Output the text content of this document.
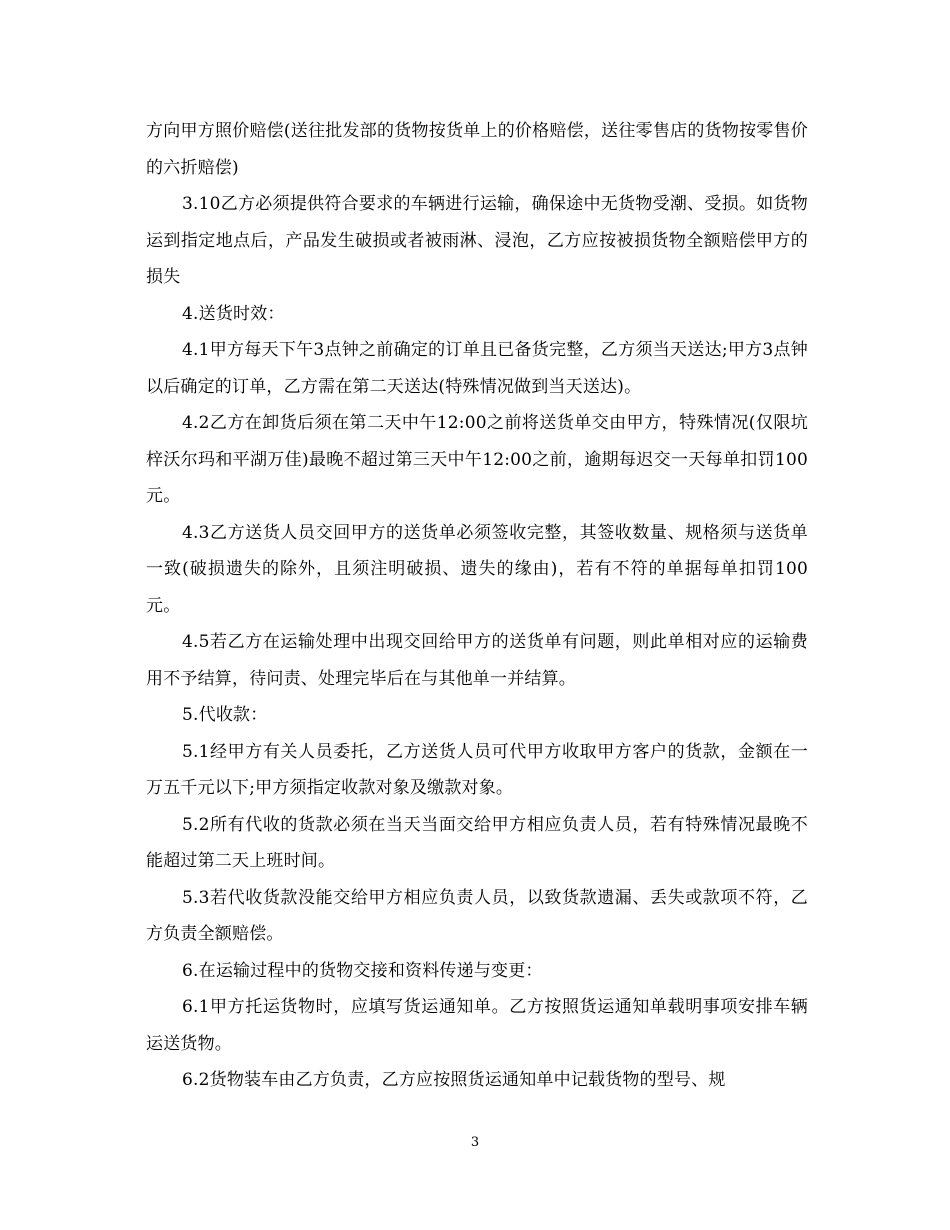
方向甲方照价赔偿(送往批发部的货物按货单上的价格赔偿，送往零售店的货物按零售价的六折赔偿)

3.10乙方必须提供符合要求的车辆进行运输，确保途中无货物受潮、受损。如货物运到指定地点后，产品发生破损或者被雨淋、浸泡，乙方应按被损货物全额赔偿甲方的损失

4.送货时效：

4.1甲方每天下午3点钟之前确定的订单且已备货完整，乙方须当天送达;甲方3点钟以后确定的订单，乙方需在第二天送达(特殊情况做到当天送达)。

4.2乙方在卸货后须在第二天中午12:00之前将送货单交由甲方，特殊情况(仅限坑梓沃尔玛和平湖万佳)最晚不超过第三天中午12:00之前，逾期每迟交一天每单扣罚100元。

4.3乙方送货人员交回甲方的送货单必须签收完整，其签收数量、规格须与送货单一致(破损遗失的除外，且须注明破损、遗失的缘由)，若有不符的单据每单扣罚100元。

4.5若乙方在运输处理中出现交回给甲方的送货单有问题，则此单相对应的运输费用不予结算，待问责、处理完毕后在与其他单一并结算。

5.代收款：

5.1经甲方有关人员委托，乙方送货人员可代甲方收取甲方客户的货款，金额在一万五千元以下;甲方须指定收款对象及缴款对象。

5.2所有代收的货款必须在当天当面交给甲方相应负责人员，若有特殊情况最晚不能超过第二天上班时间。

5.3若代收货款没能交给甲方相应负责人员，以致货款遗漏、丢失或款项不符，乙方负责全额赔偿。

6.在运输过程中的货物交接和资料传递与变更：

6.1甲方托运货物时，应填写货运通知单。乙方按照货运通知单载明事项安排车辆运送货物。

6.2货物装车由乙方负责，乙方应按照货运通知单中记载货物的型号、规

3
